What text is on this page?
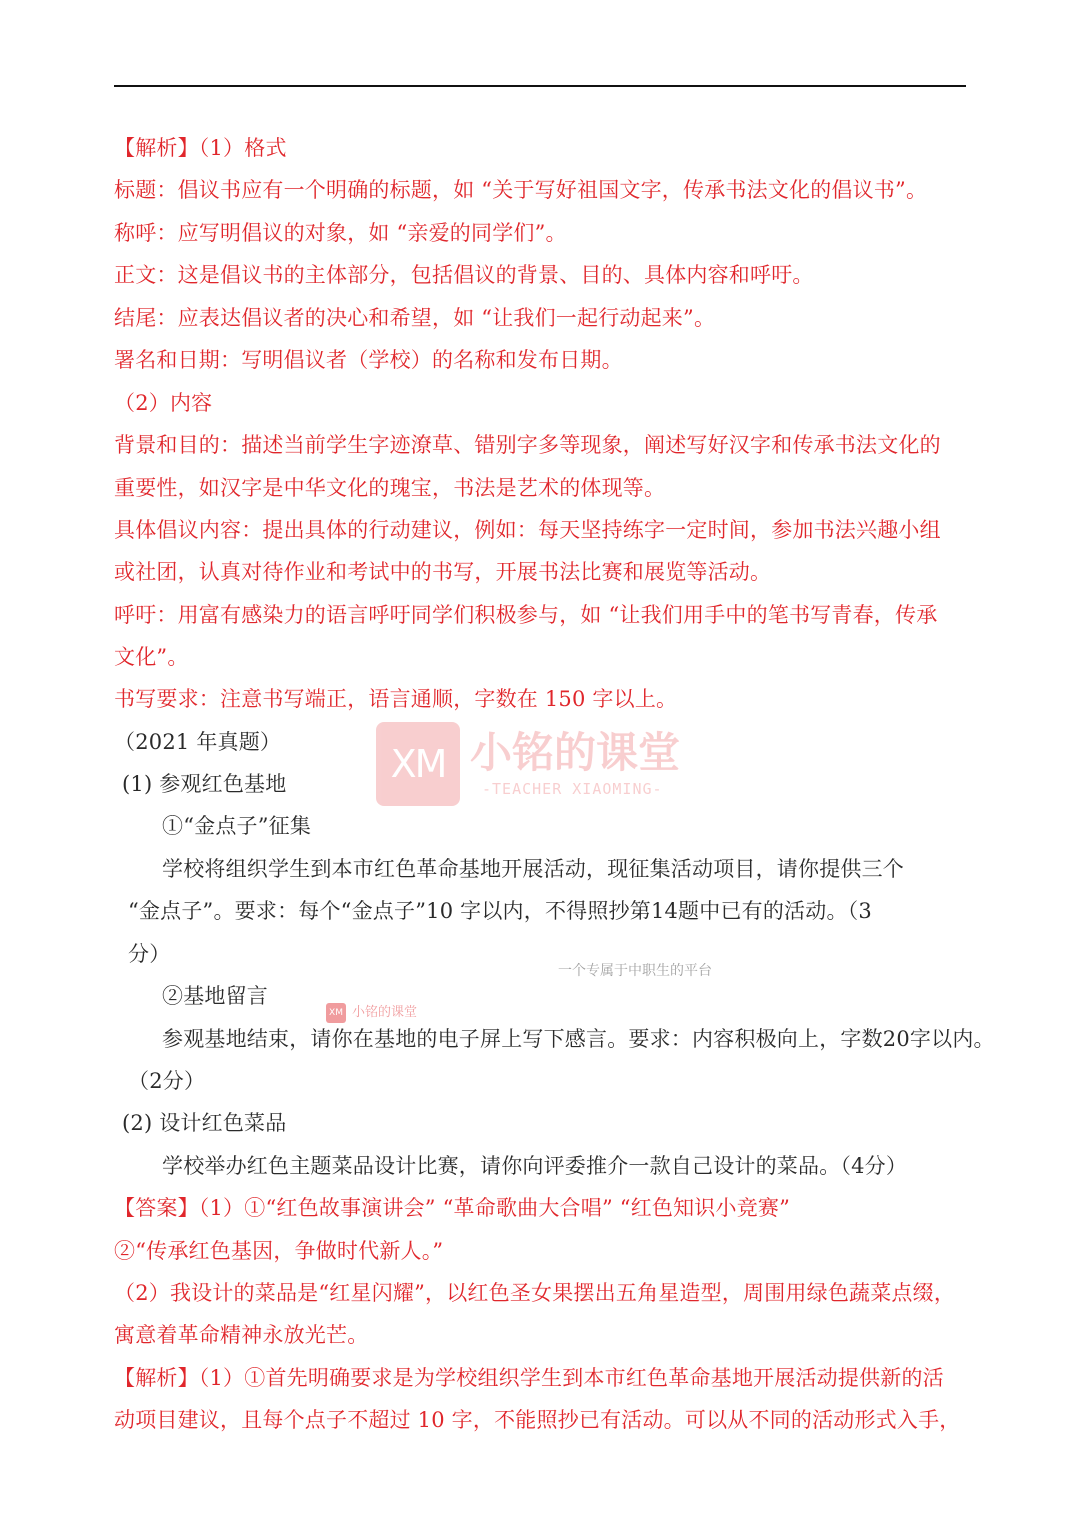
XM 小铭的课堂
-TEACHER XIAOMING-
一个专属于中职生的平台
XM 小铭的课堂
【解析】（1）格式
标题：倡议书应有一个明确的标题，如 “关于写好祖国文字，传承书法文化的倡议书”。
称呼：应写明倡议的对象，如 “亲爱的同学们”。
正文：这是倡议书的主体部分，包括倡议的背景、目的、具体内容和呼吁。
结尾：应表达倡议者的决心和希望，如 “让我们一起行动起来”。
署名和日期：写明倡议者（学校）的名称和发布日期。
（2）内容
背景和目的：描述当前学生字迹潦草、错别字多等现象，阐述写好汉字和传承书法文化的
重要性，如汉字是中华文化的瑰宝，书法是艺术的体现等。
具体倡议内容：提出具体的行动建议，例如：每天坚持练字一定时间，参加书法兴趣小组
或社团，认真对待作业和考试中的书写，开展书法比赛和展览等活动。
呼吁：用富有感染力的语言呼吁同学们积极参与，如 “让我们用手中的笔书写青春，传承
文化”。
书写要求：注意书写端正，语言通顺，字数在 150 字以上。
（2021 年真题）
(1) 参观红色基地
①“金点子”征集
学校将组织学生到本市红色革命基地开展活动，现征集活动项目，请你提供三个
“金点子”。要求：每个“金点子”10 字以内，不得照抄第14题中已有的活动。（3
分）
②基地留言
参观基地结束，请你在基地的电子屏上写下感言。要求：内容积极向上，字数20字以内。
（2分）
(2) 设计红色菜品
学校举办红色主题菜品设计比赛，请你向评委推介一款自己设计的菜品。（4分）
【答案】（1）①“红色故事演讲会” “革命歌曲大合唱” “红色知识小竞赛”
②“传承红色基因，争做时代新人。”
（2）我设计的菜品是“红星闪耀”，以红色圣女果摆出五角星造型，周围用绿色蔬菜点缀，
寓意着革命精神永放光芒。
【解析】（1）①首先明确要求是为学校组织学生到本市红色革命基地开展活动提供新的活
动项目建议，且每个点子不超过 10 字，不能照抄已有活动。可以从不同的活动形式入手，
